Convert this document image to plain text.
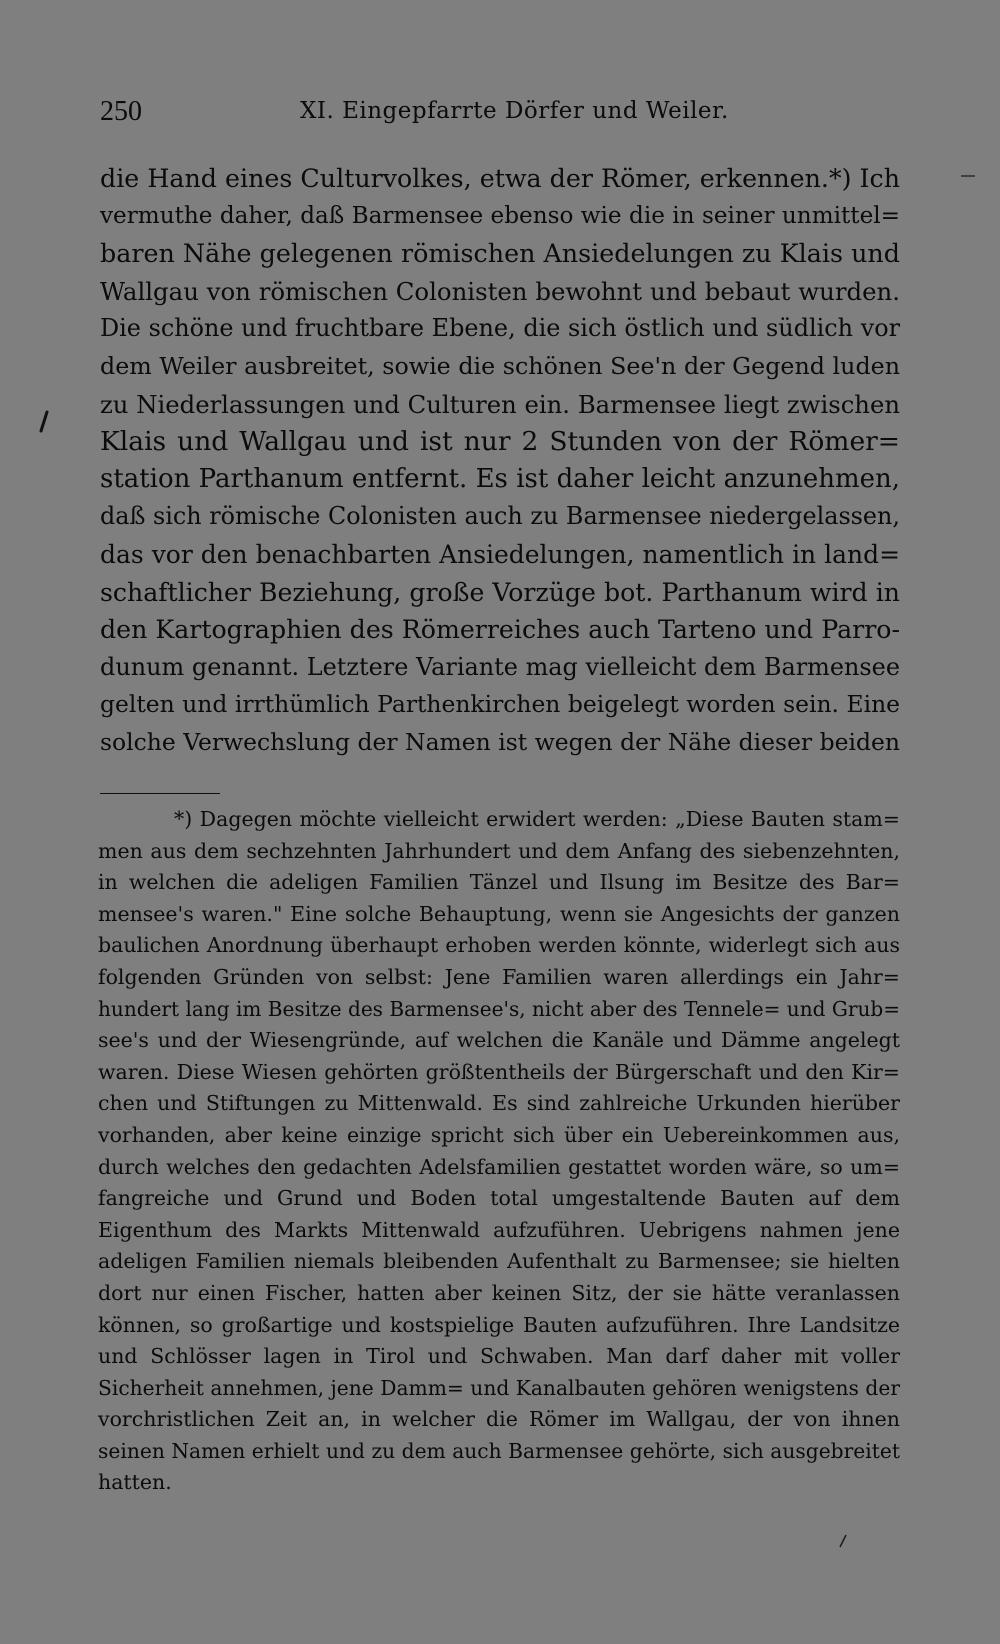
250	XI. Eingepfarrte Dörfer und Weiler.
die Hand eines Culturvolkes, etwa der Römer, erkennen.*) Ich
vermuthe daher, daß Barmensee ebenso wie die in seiner unmittel=
baren Nähe gelegenen römischen Ansiedelungen zu Klais und
Wallgau von römischen Colonisten bewohnt und bebaut wurden.
Die schöne und fruchtbare Ebene, die sich östlich und südlich vor
dem Weiler ausbreitet, sowie die schönen See'n der Gegend luden
zu Niederlassungen und Culturen ein. Barmensee liegt zwischen
Klais und Wallgau und ist nur 2 Stunden von der Römer=
station Parthanum entfernt. Es ist daher leicht anzunehmen,
daß sich römische Colonisten auch zu Barmensee niedergelassen,
das vor den benachbarten Ansiedelungen, namentlich in land=
schaftlicher Beziehung, große Vorzüge bot. Parthanum wird in
den Kartographien des Römerreiches auch Tarteno und Parro-
dunum genannt. Letztere Variante mag vielleicht dem Barmensee
gelten und irrthümlich Parthenkirchen beigelegt worden sein. Eine
solche Verwechslung der Namen ist wegen der Nähe dieser beiden
*) Dagegen möchte vielleicht erwidert werden: „Diese Bauten stam=
men aus dem sechzehnten Jahrhundert und dem Anfang des siebenzehnten,
in welchen die adeligen Familien Tänzel und Ilsung im Besitze des Bar=
mensee's waren." Eine solche Behauptung, wenn sie Angesichts der ganzen
baulichen Anordnung überhaupt erhoben werden könnte, widerlegt sich aus
folgenden Gründen von selbst: Jene Familien waren allerdings ein Jahr=
hundert lang im Besitze des Barmensee's, nicht aber des Tennele= und Grub=
see's und der Wiesengründe, auf welchen die Kanäle und Dämme angelegt
waren. Diese Wiesen gehörten größtentheils der Bürgerschaft und den Kir=
chen und Stiftungen zu Mittenwald. Es sind zahlreiche Urkunden hierüber
vorhanden, aber keine einzige spricht sich über ein Uebereinkommen aus,
durch welches den gedachten Adelsfamilien gestattet worden wäre, so um=
fangreiche und Grund und Boden total umgestaltende Bauten auf dem
Eigenthum des Markts Mittenwald aufzuführen. Uebrigens nahmen jene
adeligen Familien niemals bleibenden Aufenthalt zu Barmensee; sie hielten
dort nur einen Fischer, hatten aber keinen Sitz, der sie hätte veranlassen
können, so großartige und kostspielige Bauten aufzuführen. Ihre Landsitze
und Schlösser lagen in Tirol und Schwaben. Man darf daher mit voller
Sicherheit annehmen, jene Damm= und Kanalbauten gehören wenigstens der
vorchristlichen Zeit an, in welcher die Römer im Wallgau, der von ihnen
seinen Namen erhielt und zu dem auch Barmensee gehörte, sich ausgebreitet
hatten.
